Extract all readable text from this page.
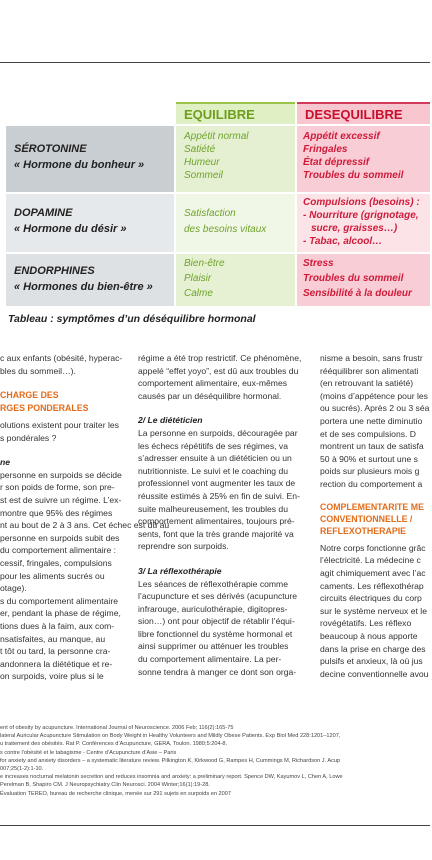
EQUILIBRE	DESEQUILIBRE
SÉROTONINE
« Hormone du bonheur »
Appétit normal
Satiété
Humeur
Sommeil
Appétit excessif
Fringales
État dépressif
Troubles du sommeil
DOPAMINE
« Hormone du désir »
Satisfaction
des besoins vitaux
Compulsions (besoins) :
- Nourriture (grignotage,
sucre, graisses…)
- Tabac, alcool…
ENDORPHINES
« Hormones du bien-être »
Bien-être
Plaisir
Calme
Stress
Troubles du sommeil
Sensibilité à la douleur
Tableau : symptômes d’un déséquilibre hormonal

c aux enfants (obésité, hyperac-

bles du sommeil…).

CHARGE DES

RGES PONDERALES

olutions existent pour traiter les

s pondérales ?

ne

personne en surpoids se décide

r son poids de forme, son pre-

st est de suivre un régime. L’ex-

montre que 95% des régimes

nt au bout de 2 à 3 ans. Cet échec est dû au

personne en surpoids subit des

du comportement alimentaire :

cessif, fringales, compulsions

pour les aliments sucrés ou

otage).

s du comportement alimentaire

er, pendant la phase de régime,

tions dues à la faim, aux com-

nsatisfaites, au manque, au

t tôt ou tard, la personne cra-

andonnera la diététique et re-

on surpoids, voire plus si le

régime a été trop restrictif. Ce phénomène,

appelé “effet yoyo”, est dû aux troubles du

comportement alimentaire, eux-mêmes

causés par un déséquilibre hormonal.

2/ Le diététicien

La personne en surpoids, découragée par

les échecs répétitifs de ses régimes, va

s’adresser ensuite à un diététicien ou un

nutritionniste. Le suivi et le coaching du

professionnel vont augmenter les taux de

réussite estimés à 25% en fin de suivi. En-

suite malheureusement, les troubles du

comportement alimentaires, toujours pré-

sents, font que la très grande majorité va

reprendre son surpoids.

3/ La réflexothérapie

Les séances de réflexothérapie comme

l’acupuncture et ses dérivés (acupuncture

infrarouge, auriculothérapie, digitopres-

sion…) ont pour objectif de rétablir l’équi-

libre fonctionnel du système hormonal et

ainsi supprimer ou atténuer les troubles

du comportement alimentaire. La per-

sonne tendra à manger ce dont son orga-

nisme a besoin, sans frustr

rééquilibrer son alimentati

(en retrouvant la satiété)

(moins d’appétence pour les

ou sucrés). Après 2 ou 3 séa

portera une nette diminutio

et de ses compulsions. D

montrent un taux de satisfa

50 à 90% et surtout une s

poids sur plusieurs mois g

rection du comportement a

COMPLEMENTARITE ME

CONVENTIONNELLE /

REFLEXOTHERAPIE

Notre corps fonctionne grâc

l’électricité. La médecine c

agit chimiquement avec l’ac

caments. Les réflexothérap

circuits électriques du corp

sur le système nerveux et le

rovégétatifs. Les réflexo

beaucoup à nous apporte

dans la prise en charge des

pulsifs et anxieux, là où jus

decine conventionnelle avou

ent of obesity by acupuncture. International Journal of Neuroscience. 2006 Feb; 116(2):165-75
lateral Auricular Acupuncture Stimulation on Body Weight in Healthy Volunteers and Mildly Obese Patients. Exp Biol Med 228:1201–1207,
u traitement des obésités. Rat P. Conférences d’Acupuncture, GERA, Toulon. 1980;5:204-8.
s contre l’obésité et le tabagisme - Centre d’Acupuncture d’Asie – Paris
for anxiety and anxiety disorders – a systematic literature review. Pilkington K, Kirkwood G, Rampes H, Cummings M, Richardson J. Acup
007;25(1-2):1-10.
e increases nocturnal melatonin secretion and reduces insomnia and anxiety: a preliminary report. Spence DW, Kayumov L, Chen A, Lowe
Perelman B, Shapiro CM. J Neuropsychiatry Clin Neurosci. 2004 Winter;16(1):19-28.
Évaluation TEREO, bureau de recherche clinique, menée sur 291 sujets en surpoids en 2007
